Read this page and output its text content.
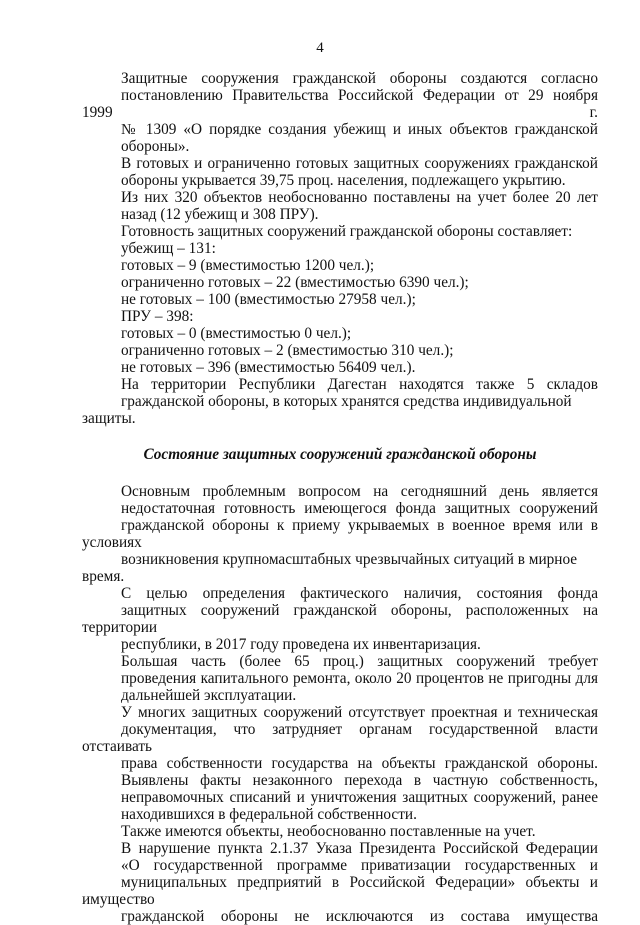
4

Защитные сооружения гражданской обороны создаются согласно
постановлению Правительства Российской Федерации от 29 ноября 1999 г.
№ 1309 «О порядке создания убежищ и иных объектов гражданской
обороны».

В готовых и ограниченно готовых защитных сооружениях гражданской
обороны укрывается 39,75 проц. населения, подлежащего укрытию.

Из них 320 объектов необоснованно поставлены на учет более 20 лет
назад (12 убежищ и 308 ПРУ).

Готовность защитных сооружений гражданской обороны составляет:

убежищ – 131:

готовых – 9 (вместимостью 1200 чел.);

ограниченно готовых – 22 (вместимостью 6390 чел.);

не готовых – 100 (вместимостью 27958 чел.);

ПРУ – 398:

готовых – 0 (вместимостью 0 чел.);

ограниченно готовых – 2 (вместимостью 310 чел.);

не готовых – 396 (вместимостью 56409 чел.).

На территории Республики Дагестан находятся также 5 складов
гражданской обороны, в которых хранятся средства индивидуальной защиты.

Состояние защитных сооружений гражданской обороны

Основным проблемным вопросом на сегодняшний день является
недостаточная готовность имеющегося фонда защитных сооружений
гражданской обороны к приему укрываемых в военное время или в условиях
возникновения крупномасштабных чрезвычайных ситуаций в мирное время.

С целью определения фактического наличия, состояния фонда
защитных сооружений гражданской обороны, расположенных на территории
республики, в 2017 году проведена их инвентаризация.

Большая часть (более 65 проц.) защитных сооружений требует
проведения капитального ремонта, около 20 процентов не пригодны для
дальнейшей эксплуатации.

У многих защитных сооружений отсутствует проектная и техническая
документация, что затрудняет органам государственной власти отстаивать
права собственности государства на объекты гражданской обороны.
Выявлены факты незаконного перехода в частную собственность,
неправомочных списаний и уничтожения защитных сооружений, ранее
находившихся в федеральной собственности.

Также имеются объекты, необоснованно поставленные на учет.

В нарушение пункта 2.1.37 Указа Президента Российской Федерации
«О государственной программе приватизации государственных и
муниципальных предприятий в Российской Федерации» объекты и имущество
гражданской обороны не исключаются из состава имущества
